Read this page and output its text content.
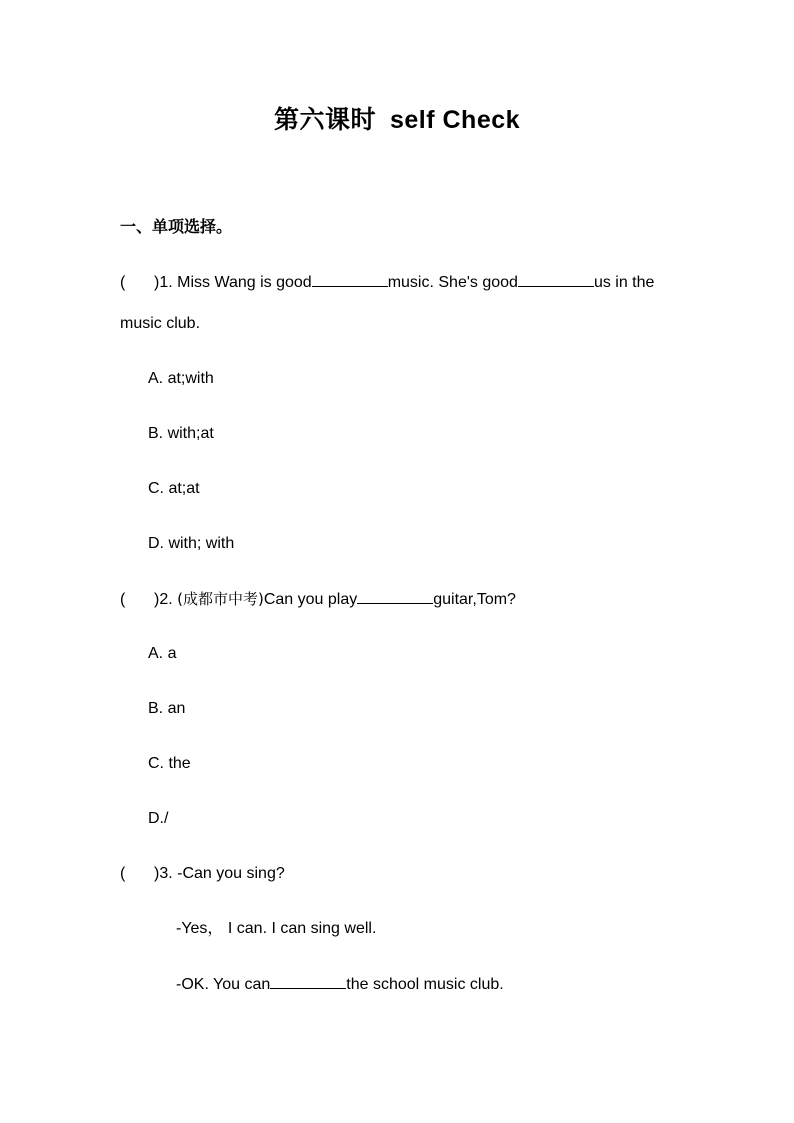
第六课时 self Check
一、单项选择。
( )1. Miss Wang is good	music. She's good	us in the
music club.
A. at;with
B. with;at
C. at;at
D. with; with
( )2. (成都市中考)Can you play	guitar,Tom?
A. a
B. an
C. the
D./
( )3. -Can you sing?
-Yes， I can. I can sing well.
-OK. You can	the school music club.
